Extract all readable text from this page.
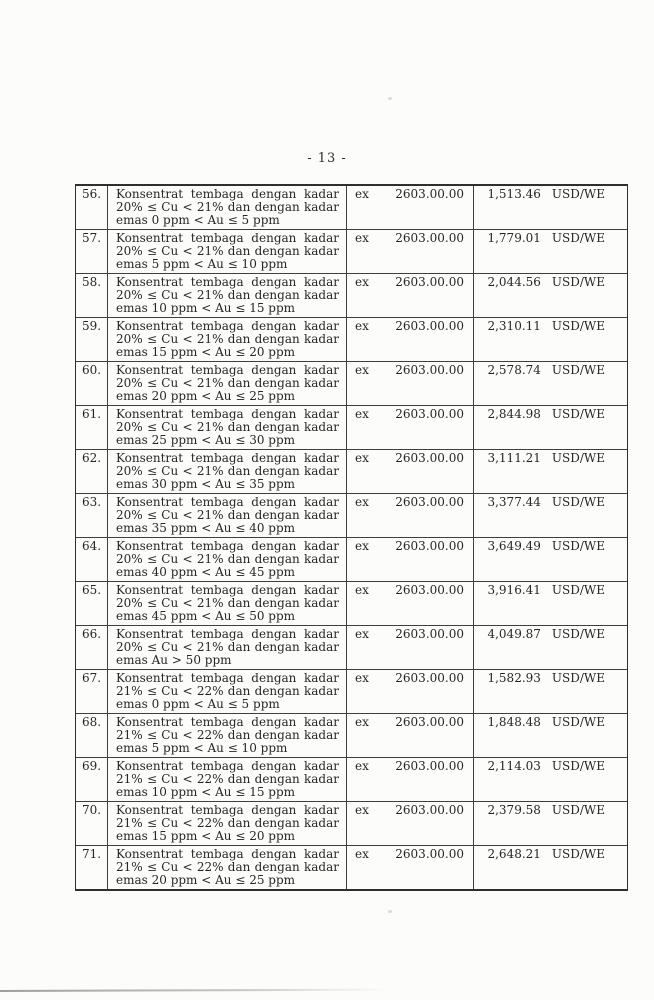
- 13 -
56.	Konsentrat tembaga dengan kadar
20% ≤ Cu < 21% dan dengan kadar
emas 0 ppm < Au ≤ 5 ppm
ex 2603.00.00 1,513.46 USD/WE
57.	Konsentrat tembaga dengan kadar
20% ≤ Cu < 21% dan dengan kadar
emas 5 ppm < Au ≤ 10 ppm
ex 2603.00.00 1,779.01 USD/WE
58.	Konsentrat tembaga dengan kadar
20% ≤ Cu < 21% dan dengan kadar
emas 10 ppm < Au ≤ 15 ppm
ex 2603.00.00 2,044.56 USD/WE
59.	Konsentrat tembaga dengan kadar
20% ≤ Cu < 21% dan dengan kadar
emas 15 ppm < Au ≤ 20 ppm
ex 2603.00.00 2,310.11 USD/WE
60.	Konsentrat tembaga dengan kadar
20% ≤ Cu < 21% dan dengan kadar
emas 20 ppm < Au ≤ 25 ppm
ex 2603.00.00 2,578.74 USD/WE
61.	Konsentrat tembaga dengan kadar
20% ≤ Cu < 21% dan dengan kadar
emas 25 ppm < Au ≤ 30 ppm
ex 2603.00.00 2,844.98 USD/WE
62.	Konsentrat tembaga dengan kadar
20% ≤ Cu < 21% dan dengan kadar
emas 30 ppm < Au ≤ 35 ppm
ex 2603.00.00 3,111.21 USD/WE
63.	Konsentrat tembaga dengan kadar
20% ≤ Cu < 21% dan dengan kadar
emas 35 ppm < Au ≤ 40 ppm
ex 2603.00.00 3,377.44 USD/WE
64.	Konsentrat tembaga dengan kadar
20% ≤ Cu < 21% dan dengan kadar
emas 40 ppm < Au ≤ 45 ppm
ex 2603.00.00 3,649.49 USD/WE
65.	Konsentrat tembaga dengan kadar
20% ≤ Cu < 21% dan dengan kadar
emas 45 ppm < Au ≤ 50 ppm
ex 2603.00.00 3,916.41 USD/WE
66.	Konsentrat tembaga dengan kadar
20% ≤ Cu < 21% dan dengan kadar
emas Au > 50 ppm
ex 2603.00.00 4,049.87 USD/WE
67.	Konsentrat tembaga dengan kadar
21% ≤ Cu < 22% dan dengan kadar
emas 0 ppm < Au ≤ 5 ppm
ex 2603.00.00 1,582.93 USD/WE
68.	Konsentrat tembaga dengan kadar
21% ≤ Cu < 22% dan dengan kadar
emas 5 ppm < Au ≤ 10 ppm
ex 2603.00.00 1,848.48 USD/WE
69.	Konsentrat tembaga dengan kadar
21% ≤ Cu < 22% dan dengan kadar
emas 10 ppm < Au ≤ 15 ppm
ex 2603.00.00 2,114.03 USD/WE
70.	Konsentrat tembaga dengan kadar
21% ≤ Cu < 22% dan dengan kadar
emas 15 ppm < Au ≤ 20 ppm
ex 2603.00.00 2,379.58 USD/WE
71.	Konsentrat tembaga dengan kadar
21% ≤ Cu < 22% dan dengan kadar
emas 20 ppm < Au ≤ 25 ppm
ex 2603.00.00 2,648.21 USD/WE
